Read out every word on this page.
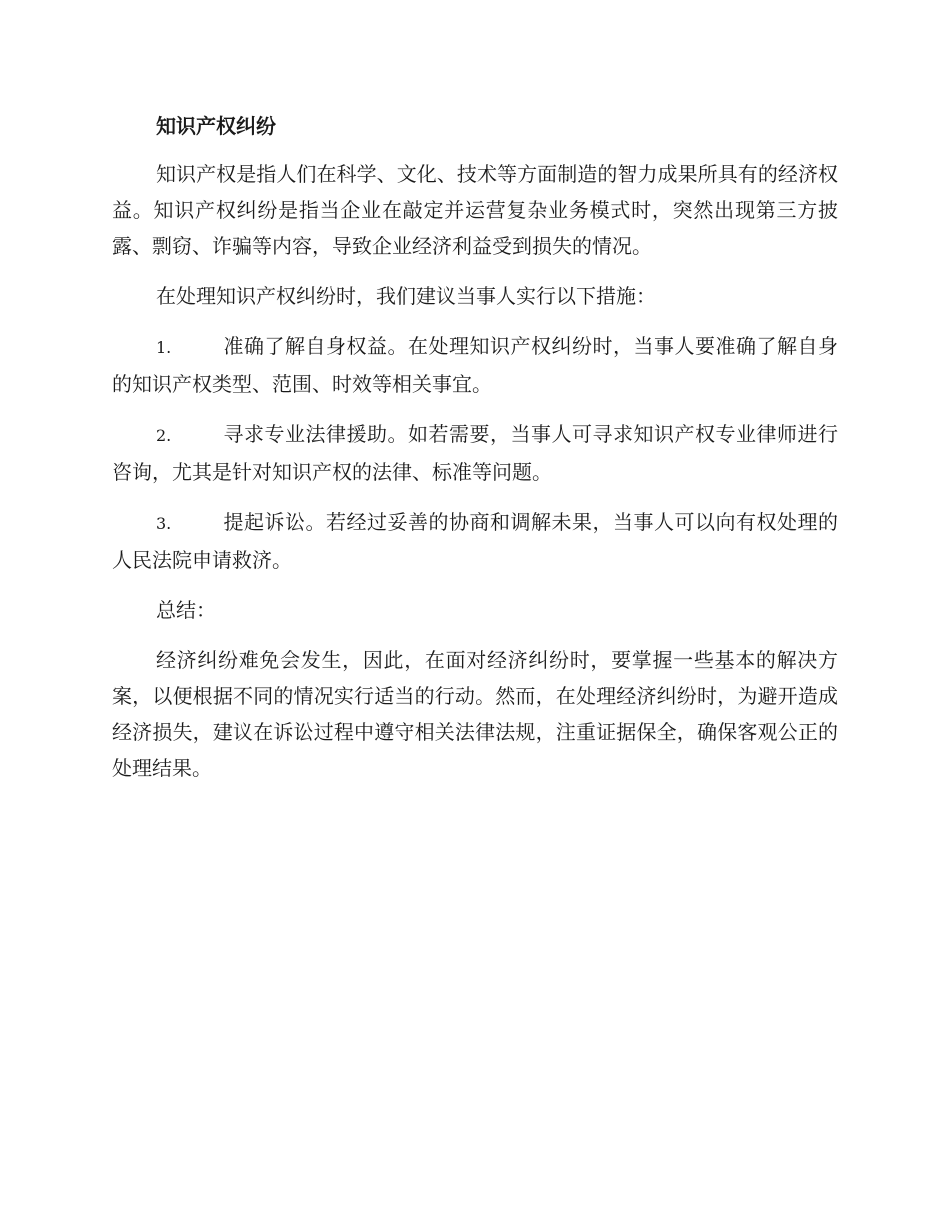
知识产权纠纷

知识产权是指人们在科学、文化、技术等方面制造的智力成果所具有的经济权益。知识产权纠纷是指当企业在敲定并运营复杂业务模式时，突然出现第三方披露、剽窃、诈骗等内容，导致企业经济利益受到损失的情况。

在处理知识产权纠纷时，我们建议当事人实行以下措施：

1.	准确了解自身权益。在处理知识产权纠纷时，当事人要准确了解自身的知识产权类型、范围、时效等相关事宜。

2.	寻求专业法律援助。如若需要，当事人可寻求知识产权专业律师进行咨询，尤其是针对知识产权的法律、标准等问题。

3.	提起诉讼。若经过妥善的协商和调解未果，当事人可以向有权处理的人民法院申请救济。

总结：

经济纠纷难免会发生，因此，在面对经济纠纷时，要掌握一些基本的解决方案，以便根据不同的情况实行适当的行动。然而，在处理经济纠纷时，为避开造成经济损失，建议在诉讼过程中遵守相关法律法规，注重证据保全，确保客观公正的处理结果。
